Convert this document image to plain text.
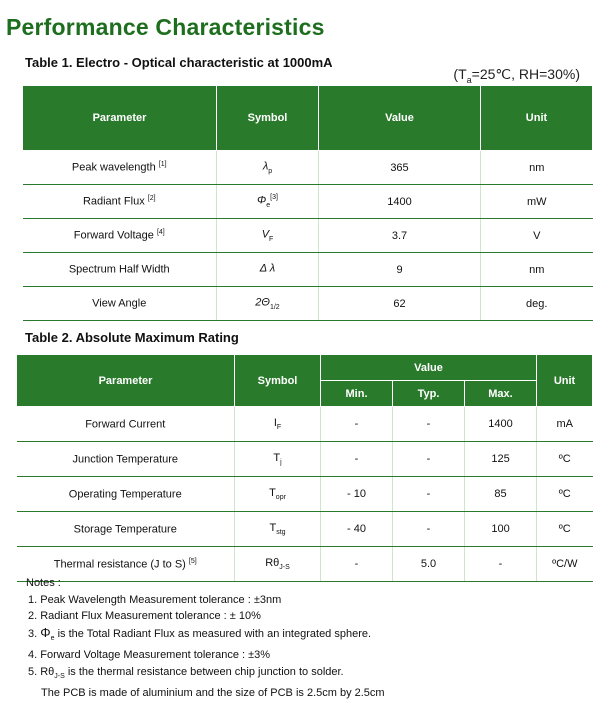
Performance Characteristics
Table 1. Electro - Optical characteristic at 1000mA
($T_a=25℃$, RH=30%)
Parameter	Symbol	Value	Unit
Peak wavelength [1]	$\lambda_p$	365	nm
Radiant Flux [2]	$\Phi_e[3]$	1400	mW
Forward Voltage [4]	$V_F$	3.7	V
Spectrum Half Width	Δ λ	9	nm
View Angle	$2\Theta_{1/2}$	62	deg.
Table 2. Absolute Maximum Rating
Parameter	Symbol	Value			Unit
		Min.	Typ.	Max.	
Forward Current	$I_F$	-	-	1400	mA
Junction Temperature	$T_j$	-	-	125	ºC
Operating Temperature	$T_{opr}$	- 10	-	85	ºC
Storage Temperature	$T_{stg}$	- 40	-	100	ºC
Thermal resistance (J to S) [5]	$R\theta_{J-S}$	-	5.0	-	ºC/W
Notes :
1. Peak Wavelength Measurement tolerance : ±3nm
2. Radiant Flux Measurement tolerance : ± 10%
3. $\Phi_e$ is the Total Radiant Flux as measured with an integrated sphere.
4. Forward Voltage Measurement tolerance : ±3%
5. $R\theta_{J-S}$ is the thermal resistance between chip junction to solder.
The PCB is made of aluminium and the size of PCB is 2.5cm by 2.5cm
